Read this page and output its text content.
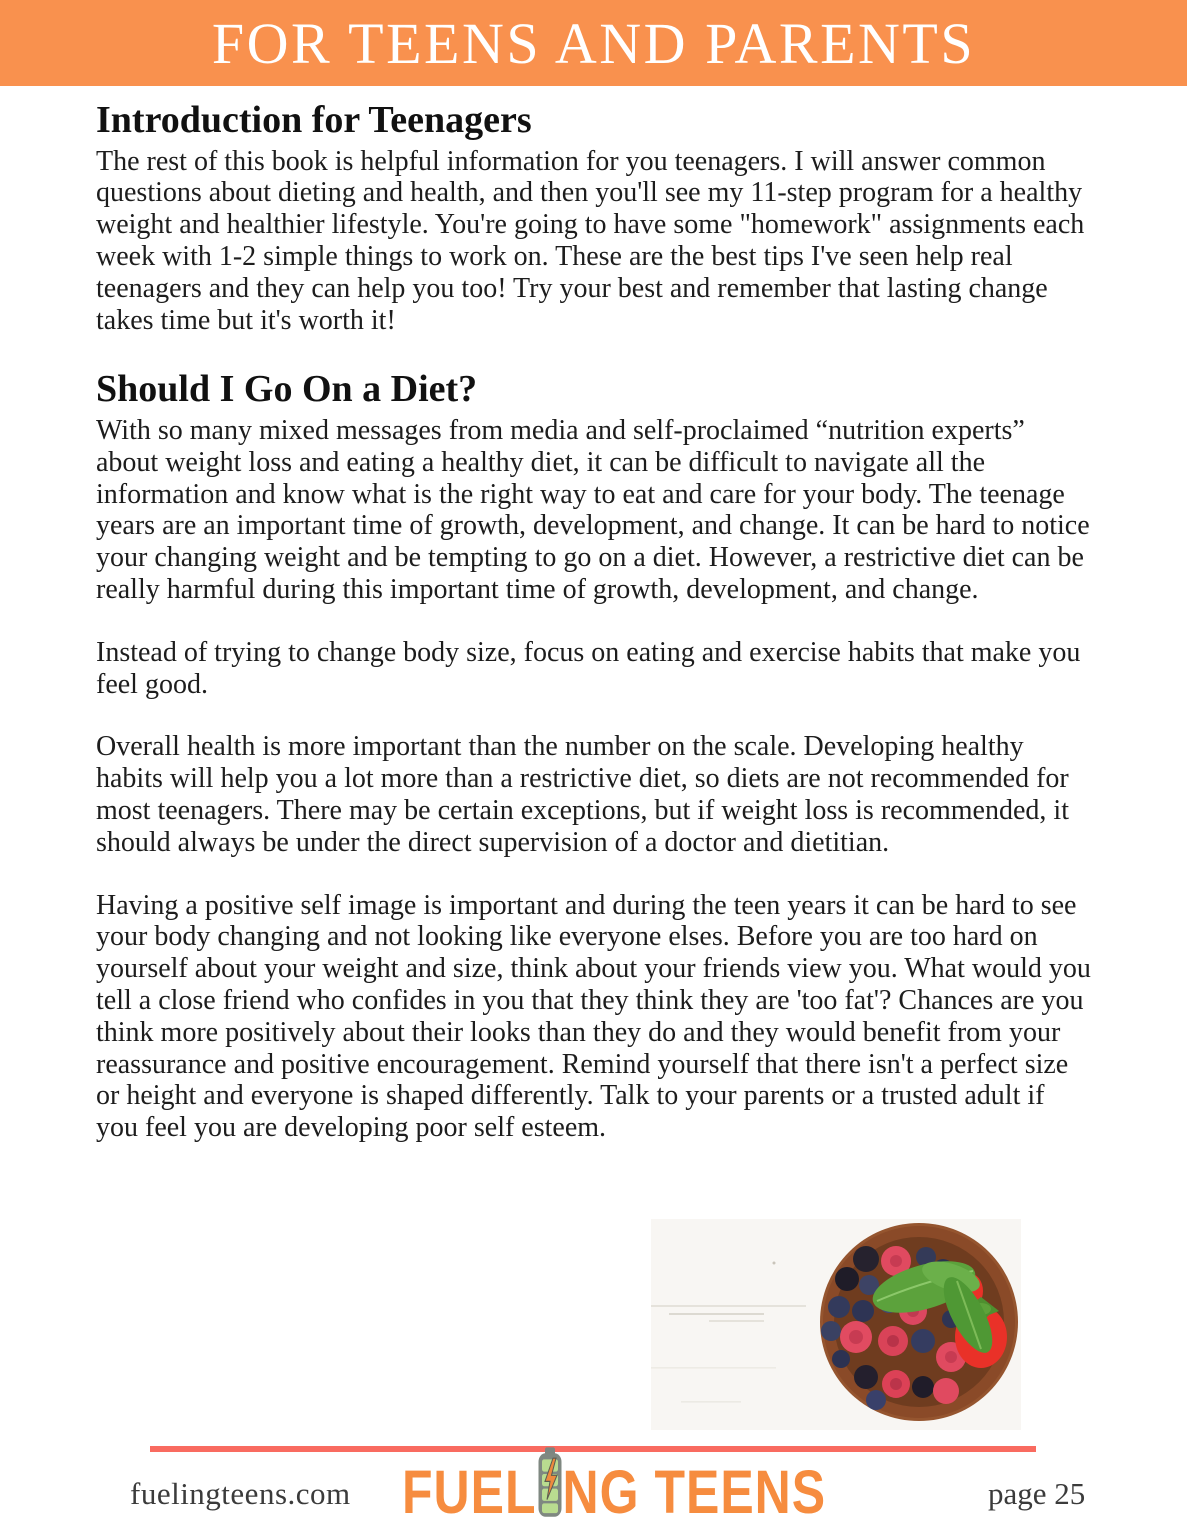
FOR TEENS AND PARENTS
Introduction for Teenagers

The rest of this book is helpful information for you teenagers. I will answer common questions about dieting and health, and then you'll see my 11-step program for a healthy weight and healthier lifestyle. You're going to have some "homework" assignments each week with 1-2 simple things to work on. These are the best tips I've seen help real teenagers and they can help you too! Try your best and remember that lasting change takes time but it's worth it!

Should I Go On a Diet?

With so many mixed messages from media and self-proclaimed “nutrition experts” about weight loss and eating a healthy diet, it can be difficult to navigate all the information and know what is the right way to eat and care for your body. The teenage years are an important time of growth, development, and change. It can be hard to notice your changing weight and be tempting to go on a diet. However, a restrictive diet can be really harmful during this important time of growth, development, and change.

Instead of trying to change body size, focus on eating and exercise habits that make you feel good.

Overall health is more important than the number on the scale. Developing healthy habits will help you a lot more than a restrictive diet, so diets are not recommended for most teenagers. There may be certain exceptions, but if weight loss is recommended, it should always be under the direct supervision of a doctor and dietitian.

Having a positive self image is important and during the teen years it can be hard to see your body changing and not looking like everyone elses. Before you are too hard on yourself about your weight and size, think about your friends view you. What would you tell a close friend who confides in you that they think they are 'too fat'? Chances are you think more positively about their looks than they do and they would benefit from your reassurance and positive encouragement. Remind yourself that there isn't a perfect size or height and everyone is shaped differently. Talk to your parents or a trusted adult if you feel you are developing poor self esteem.

fuelingteens.com FUEL NG TEENS	page 25
